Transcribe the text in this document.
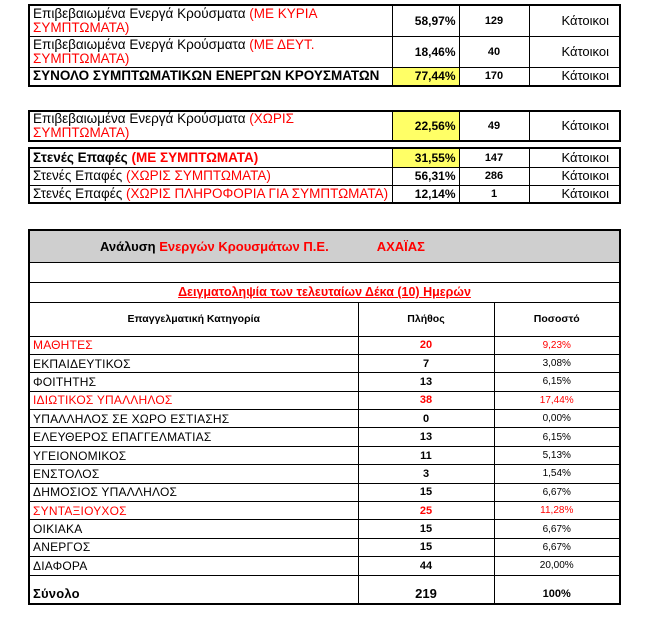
Επιβεβαιωμένα Ενεργά Κρούσματα (ΜΕ ΚΥΡΙΑ ΣΥΜΠΤΩΜΑΤΑ)	58,97%	129	Κάτοικοι
Επιβεβαιωμένα Ενεργά Κρούσματα (ΜΕ ΔΕΥΤ. ΣΥΜΠΤΩΜΑΤΑ)	18,46%	40	Κάτοικοι
ΣΥΝΟΛΟ ΣΥΜΠΤΩΜΑΤΙΚΩΝ ΕΝΕΡΓΩΝ ΚΡΟΥΣΜΑΤΩΝ	77,44%	170	Κάτοικοι
Επιβεβαιωμένα Ενεργά Κρούσματα (ΧΩΡΙΣ ΣΥΜΠΤΩΜΑΤΑ)	22,56%	49	Κάτοικοι
Στενές Επαφές (ΜΕ ΣΥΜΠΤΩΜΑΤΑ)	31,55%	147	Κάτοικοι
Στενές Επαφές (ΧΩΡΙΣ ΣΥΜΠΤΩΜΑΤΑ)	56,31%	286	Κάτοικοι
Στενές Επαφές (ΧΩΡΙΣ ΠΛΗΡΟΦΟΡΙΑ ΓΙΑ ΣΥΜΠΤΩΜΑΤΑ)	12,14%	1	Κάτοικοι
Ανάλυση Ενεργών Κρουσμάτων Π.Ε. ΑΧΑΪΑΣ		

Δειγματοληψία των τελευταίων Δέκα (10) Ημερών		
Επαγγελματική Κατηγορία	Πλήθος	Ποσοστό
ΜΑΘΗΤΕΣ	20	9,23%
ΕΚΠΑΙΔΕΥΤΙΚΟΣ	7	3,08%
ΦΟΙΤΗΤΗΣ	13	6,15%
ΙΔΙΩΤΙΚΟΣ ΥΠΑΛΛΗΛΟΣ	38	17,44%
ΥΠΑΛΛΗΛΟΣ ΣΕ ΧΩΡΟ ΕΣΤΙΑΣΗΣ	0	0,00%
ΕΛΕΥΘΕΡΟΣ ΕΠΑΓΓΕΛΜΑΤΙΑΣ	13	6,15%
ΥΓΕΙΟΝΟΜΙΚΟΣ	11	5,13%
ΕΝΣΤΟΛΟΣ	3	1,54%
ΔΗΜΟΣΙΟΣ ΥΠΑΛΛΗΛΟΣ	15	6,67%
ΣΥΝΤΑΞΙΟΥΧΟΣ	25	11,28%
ΟΙΚΙΑΚΑ	15	6,67%
ΑΝΕΡΓΟΣ	15	6,67%
ΔΙΑΦΟΡΑ	44	20,00%

Σύνολο	219	100%
